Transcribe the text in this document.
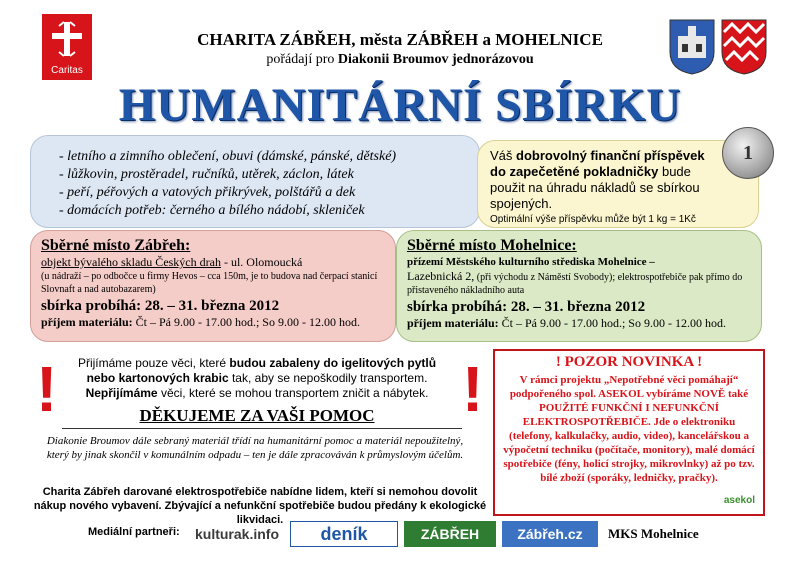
Caritas
CHARITA ZÁBŘEH, města ZÁBŘEH a MOHELNICE
pořádají pro Diakonii Broumov jednorázovou
HUMANITÁRNÍ SBÍRKU
- letního a zimního oblečení, obuvi (dámské, pánské, dětské)
- lůžkovin, prostěradel, ručníků, utěrek, záclon, látek
- peří, péřových a vatových přikrývek, polštářů a dek
- domácích potřeb: černého a bílého nádobí, skleniček
Váš dobrovolný finanční příspěvek
do zapečetěné pokladničky bude
použit na úhradu nákladů se sbírkou spojených.
Optimální výše příspěvku může být 1 kg = 1Kč
1
Sběrné místo Zábřeh:
objekt bývalého skladu Českých drah - ul. Olomoucká
(u nádraží – po odbočce u firmy Hevos – cca 150m, je to budova nad čerpací stanicí Slovnaft a nad autobazarem)
sbírka probíhá: 28. – 31. března 2012
příjem materiálu: Čt – Pá 9.00 - 17.00 hod.; So 9.00 - 12.00 hod.
Sběrné místo Mohelnice:
přízemí Městského kulturního střediska Mohelnice –
Lazebnická 2, (při východu z Náměstí Svobody); elektrospotřebiče pak přímo do přistaveného nákladního auta
sbírka probíhá: 28. – 31. března 2012
příjem materiálu: Čt – Pá 9.00 - 17.00 hod.; So 9.00 - 12.00 hod.
!	!
Přijímáme pouze věci, které budou zabaleny do igelitových pytlů nebo kartonových krabic tak, aby se nepoškodily transportem.
Nepřijímáme věci, které se mohou transportem zničit a nábytek.
DĚKUJEME ZA VAŠI POMOC
Diakonie Broumov dále sebraný materiál třídí na humanitární pomoc a materiál nepoužitelný, který by jinak skončil v komunálním odpadu – ten je dále zpracováván k průmyslovým účelům.
Charita Zábřeh darované elektrospotřebiče nabídne lidem, kteří si nemohou dovolit nákup nového vybavení. Zbývající a nefunkční spotřebiče budou předány k ekologické likvidaci.
! POZOR NOVINKA !
V rámci projektu „Nepotřebné věci pomáhají“ podpořeného spol. ASEKOL vybíráme NOVĚ také POUŽITÉ FUNKČNÍ I NEFUNKČNÍ ELEKTROSPOTŘEBIČE. Jde o elektroniku (telefony, kalkulačky, audio, video), kancelářskou a výpočetní techniku (počítače, monitory), malé domácí spotřebiče (fény, holicí strojky, mikrovlnky) až po tzv. bílé zboží (sporáky, ledničky, pračky).
asekol
Mediální partneři: kulturak.info	deník	ZÁBŘEH	Zábřeh.cz	MKS Mohelnice
